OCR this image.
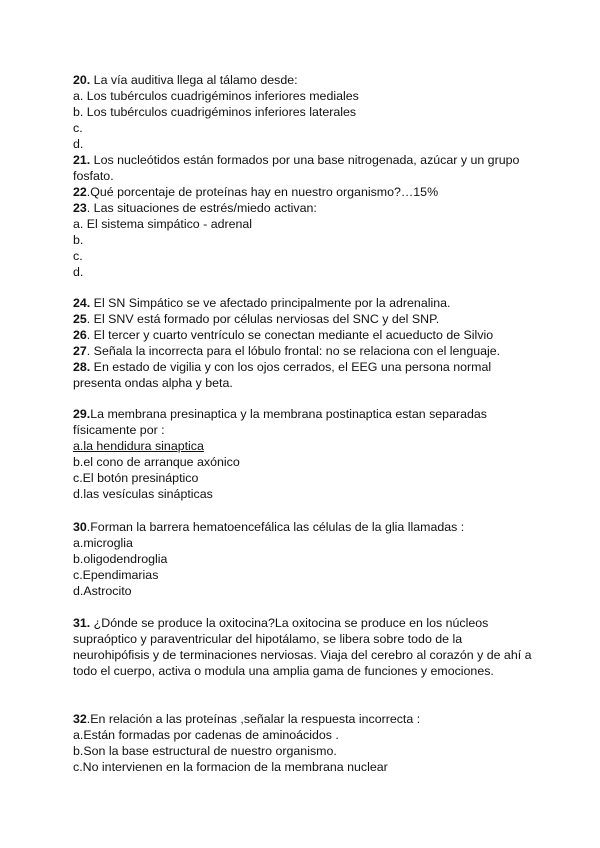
20. La vía auditiva llega al tálamo desde:
a. Los tubérculos cuadrigéminos inferiores mediales
b. Los tubérculos cuadrigéminos inferiores laterales
c.
d.
21. Los nucleótidos están formados por una base nitrogenada, azúcar y un grupo fosfato.
22.Qué porcentaje de proteínas hay en nuestro organismo?…15%
23. Las situaciones de estrés/miedo activan:
a. El sistema simpático - adrenal
b.
c.
d.
24. El SN Simpático se ve afectado principalmente por la adrenalina.
25. El SNV está formado por células nerviosas del SNC y del SNP.
26. El tercer y cuarto ventrículo se conectan mediante el acueducto de Silvio
27. Señala la incorrecta para el lóbulo frontal: no se relaciona con el lenguaje.
28. En estado de vigilia y con los ojos cerrados, el EEG una persona normal presenta ondas alpha y beta.
29.La membrana presinaptica y la membrana postinaptica estan separadas físicamente por :
a.la hendidura sinaptica
b.el cono de arranque axónico
c.El botón presináptico
d.las vesículas sinápticas
30.Forman la barrera hematoencefálica las células de la glia llamadas :
a.microglia
b.oligodendroglia
c.Ependimarias
d.Astrocito
31. ¿Dónde se produce la oxitocina?La oxitocina se produce en los núcleos supraóptico y paraventricular del hipotálamo, se libera sobre todo de la neurohipófisis y de terminaciones nerviosas. Viaja del cerebro al corazón y de ahí a todo el cuerpo, activa o modula una amplia gama de funciones y emociones.
32.En relación a las proteínas ,señalar la respuesta incorrecta :
a.Están formadas por cadenas de aminoácidos .
b.Son la base estructural de nuestro organismo.
c.No intervienen en la formacion de la membrana nuclear
